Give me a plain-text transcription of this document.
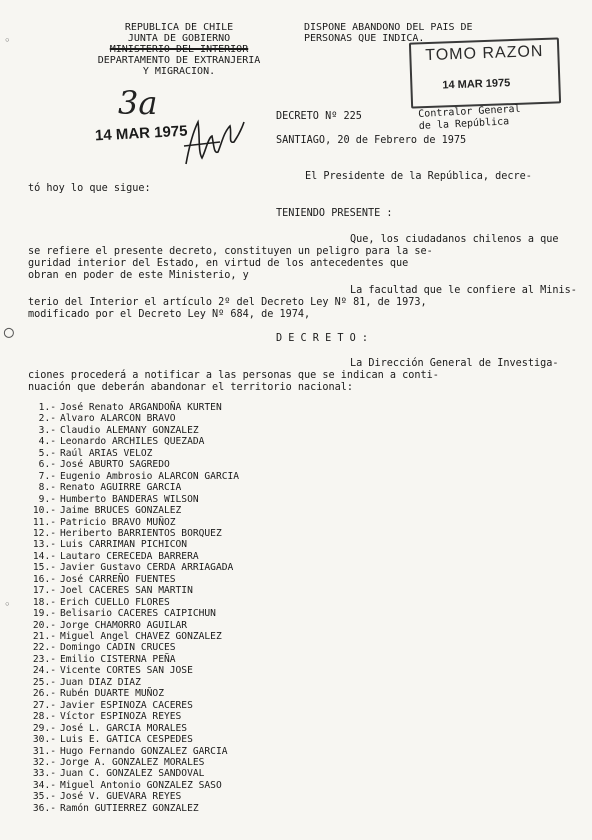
REPUBLICA DE CHILE
JUNTA DE GOBIERNO
MINISTERIO DEL INTERIOR
DEPARTAMENTO DE EXTRANJERIA
Y MIGRACION.
DISPONE ABANDONO DEL PAIS DE
PERSONAS QUE INDICA.
TOMO RAZON
14 MAR 1975
Contralor General
de la República
3a
14 MAR 1975
DECRETO Nº 225
SANTIAGO, 20 de Febrero de 1975
El Presidente de la República, decre-
tó hoy lo que sigue:
TENIENDO PRESENTE :
Que, los ciudadanos chilenos a que
se refiere el presente decreto, constituyen un peligro para la se-
guridad interior del Estado, en virtud de los antecedentes que
obran en poder de este Ministerio, y
La facultad que le confiere al Minis-
terio del Interior el artículo 2º del Decreto Ley Nº 81, de 1973,
modificado por el Decreto Ley Nº 684, de 1974,
D E C R E T O :
La Dirección General de Investiga-
ciones procederá a notificar a las personas que se indican a conti-
nuación que deberán abandonar el territorio nacional:
1.- José Renato ARGANDOÑA KURTEN
2.- Alvaro ALARCON BRAVO
3.- Claudio ALEMANY GONZALEZ
4.- Leonardo ARCHILES QUEZADA
5.- Raúl ARIAS VELOZ
6.- José ABURTO SAGREDO
7.- Eugenio Ambrosio ALARCON GARCIA
8.- Renato AGUIRRE GARCIA
9.- Humberto BANDERAS WILSON
10.- Jaime BRUCES GONZALEZ
11.- Patricio BRAVO MUÑOZ
12.- Heriberto BARRIENTOS BORQUEZ
13.- Luis CARRIMAN PICHICON
14.- Lautaro CERECEDA BARRERA
15.- Javier Gustavo CERDA ARRIAGADA
16.- José CARREÑO FUENTES
17.- Joel CACERES SAN MARTIN
18.- Erich CUELLO FLORES
19.- Belisario CACERES CAIPICHUN
20.- Jorge CHAMORRO AGUILAR
21.- Miguel Angel CHAVEZ GONZALEZ
22.- Domingo CADIN CRUCES
23.- Emilio CISTERNA PEÑA
24.- Vicente CORTES SAN JOSE
25.- Juan DIAZ DIAZ
26.- Rubén DUARTE MUÑOZ
27.- Javier ESPINOZA CACERES
28.- Víctor ESPINOZA REYES
29.- José L. GARCIA MORALES
30.- Luis E. GATICA CESPEDES
31.- Hugo Fernando GONZALEZ GARCIA
32.- Jorge A. GONZALEZ MORALES
33.- Juan C. GONZALEZ SANDOVAL
34.- Miguel Antonio GONZALEZ SASO
35.- José V. GUEVARA REYES
36.- Ramón GUTIERREZ GONZALEZ
◦
◯
◦
